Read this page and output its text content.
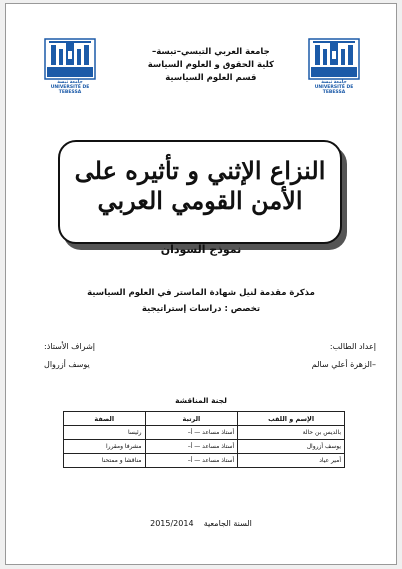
جامعة تبسة
UNIVERSITÉ DE TEBESSA
جامعة تبسة
UNIVERSITÉ DE TEBESSA
جامعة العربي التبسي–تبسة–
كلية الحقوق و العلوم السياسة
قسم العلوم السياسية
النزاع الإثني و تأثيره على
الأمن القومي العربي
نموذج السودان
مذكرة مقدمة لنيل شهادة الماستر في العلوم السياسية
تخصص : دراسات إستراتيجية
إعداد الطالب:
–الزهرة أعلي سالم
إشراف الأستاذ:
يوسف أزروال
لجنة المناقشة
الإسم و اللقب	الرتبة	الصفة
بالديس بن حالة	أستاذ مساعد — أ–	رئيسا
يوسف أزروال	أستاذ مساعد — أ–	مشرفا ومقررا
أمير عياد	أستاذ مساعد — أ–	مناقشا و ممتحنا
السنة الجامعية    2015/2014
